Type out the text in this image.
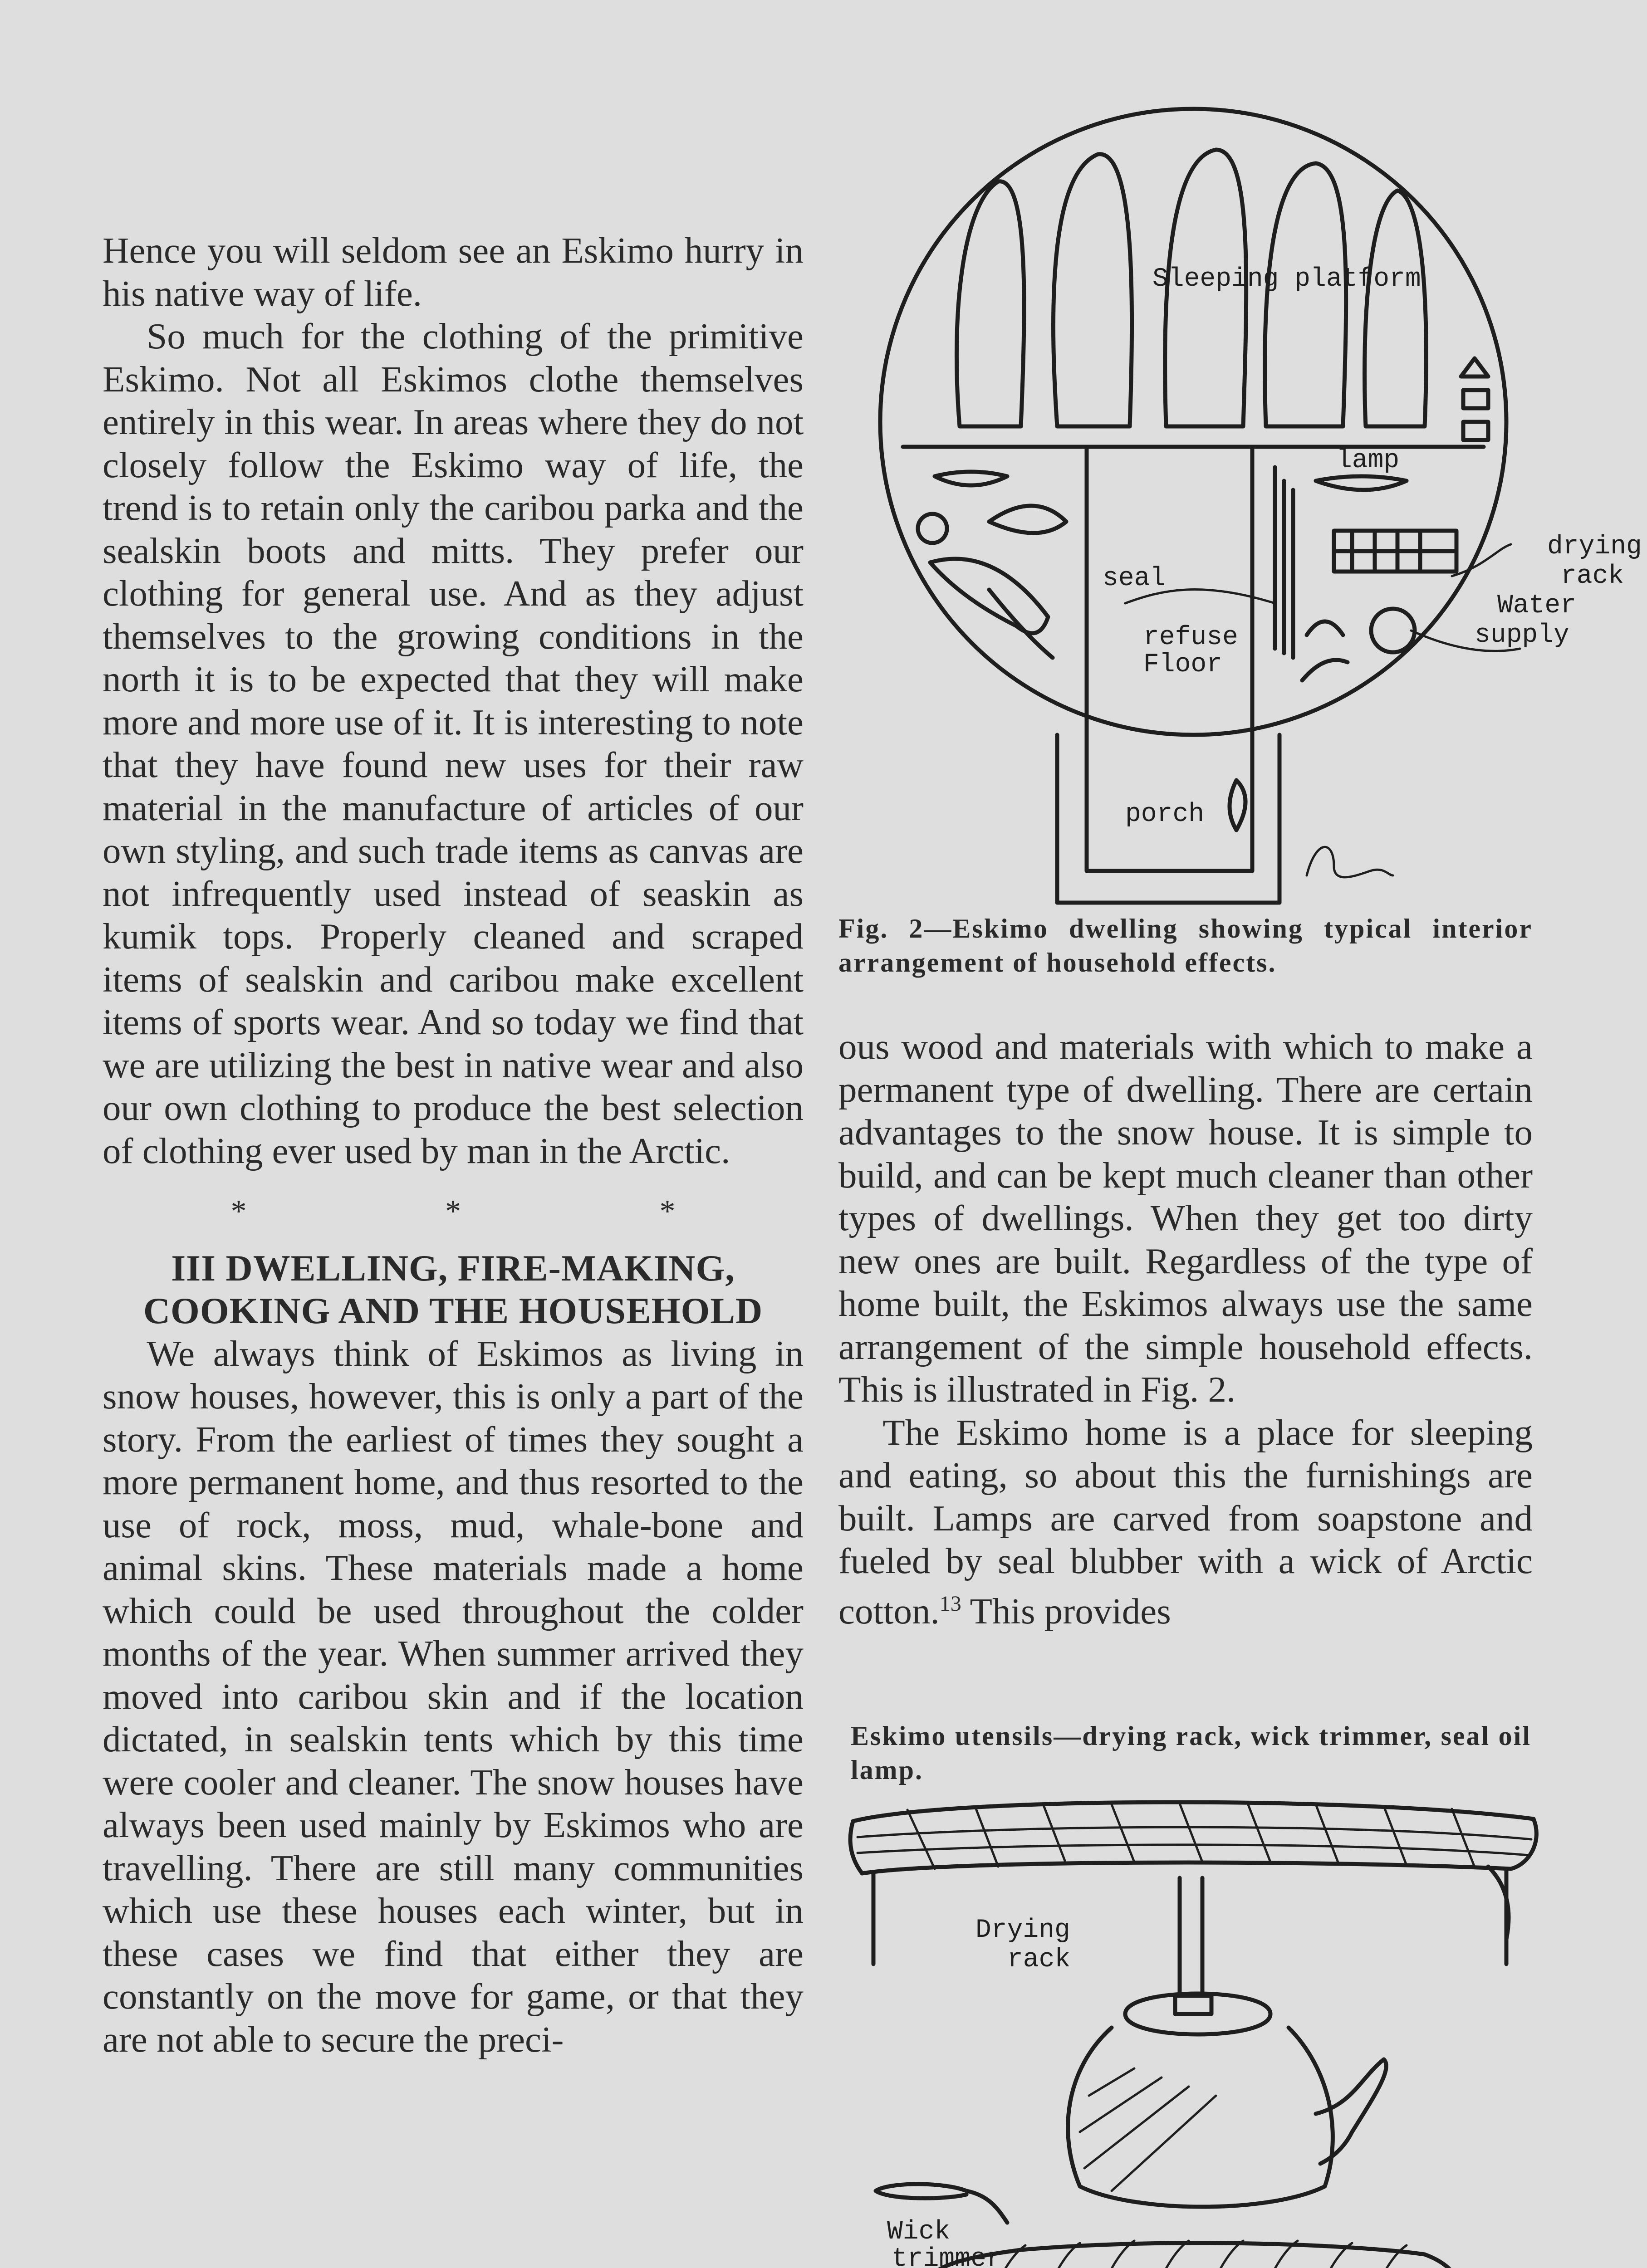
Hence you will seldom see an Eskimo hurry in his native way of life.

So much for the clothing of the primitive Eskimo. Not all Eskimos clothe themselves entirely in this wear. In areas where they do not closely follow the Eskimo way of life, the trend is to retain only the caribou parka and the sealskin boots and mitts. They prefer our clothing for general use. And as they adjust themselves to the growing conditions in the north it is to be expected that they will make more and more use of it. It is interesting to note that they have found new uses for their raw material in the manufacture of articles of our own styling, and such trade items as canvas are not infrequently used instead of seaskin as kumik tops. Properly cleaned and scraped items of sealskin and caribou make excellent items of sports wear. And so today we find that we are utilizing the best in native wear and also our own clothing to produce the best selection of clothing ever used by man in the Arctic.

* * *
III DWELLING, FIRE-MAKING,
COOKING AND THE HOUSEHOLD

We always think of Eskimos as living in snow houses, however, this is only a part of the story. From the earliest of times they sought a more permanent home, and thus resorted to the use of rock, moss, mud, whale-bone and animal skins. These materials made a home which could be used throughout the colder months of the year. When summer arrived they moved into caribou skin and if the location dictated, in sealskin tents which by this time were cooler and cleaner. The snow houses have always been used mainly by Eskimos who are travelling. There are still many communities which use these houses each winter, but in these cases we find that either they are constantly on the move for game, or that they are not able to secure the preci-

ous wood and materials with which to make a permanent type of dwelling. There are certain advantages to the snow house. It is simple to build, and can be kept much cleaner than other types of dwellings. When they get too dirty new ones are built. Regardless of the type of home built, the Eskimos always use the same arrangement of the simple household effects. This is illustrated in Fig. 2.

The Eskimo home is a place for sleeping and eating, so about this the furnishings are built. Lamps are carved from soapstone and fueled by seal blubber with a wick of Arctic cotton.$^{13}$ This provides

Fig. 2—Eskimo dwelling showing typical interior arrangement of household effects.
Eskimo utensils—drying rack, wick trimmer, seal oil lamp.
Sleeping platform
lamp
seal
refuse
Floor
drying
rack
Water
supply
porch
Drying
rack
Wick
trimmer
